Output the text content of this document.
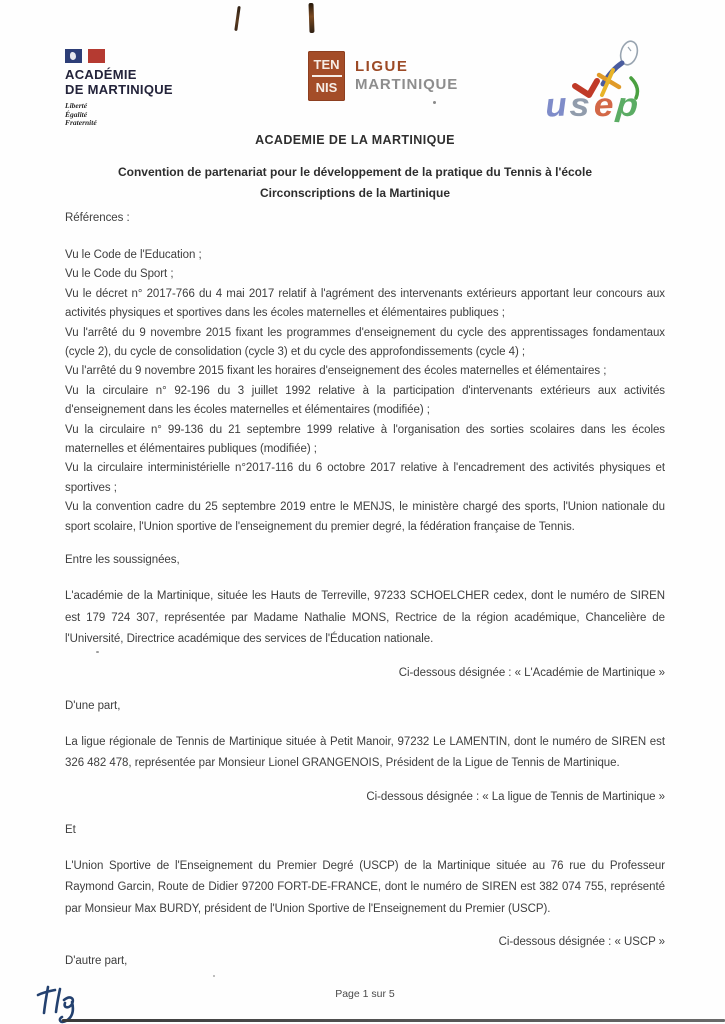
ACADÉMIE
DE MARTINIQUE
Liberté
Égalité
Fraternité
TEN
NIS
LIGUE
MARTINIQUE
usep
ACADEMIE DE LA MARTINIQUE
Convention de partenariat pour le développement de la pratique du Tennis à l'école
Circonscriptions de la Martinique

Références :

Vu le Code de l'Education ;
Vu le Code du Sport ;
Vu le décret n° 2017-766 du 4 mai 2017 relatif à l'agrément des intervenants extérieurs apportant leur concours aux activités physiques et sportives dans les écoles maternelles et élémentaires publiques ;
Vu l'arrêté du 9 novembre 2015 fixant les programmes d'enseignement du cycle des apprentissages fondamentaux (cycle 2), du cycle de consolidation (cycle 3) et du cycle des approfondissements (cycle 4) ;
Vu l'arrêté du 9 novembre 2015 fixant les horaires d'enseignement des écoles maternelles et élémentaires ;
Vu la circulaire n° 92-196 du 3 juillet 1992 relative à la participation d'intervenants extérieurs aux activités d'enseignement dans les écoles maternelles et élémentaires (modifiée) ;
Vu la circulaire n° 99-136 du 21 septembre 1999 relative à l'organisation des sorties scolaires dans les écoles maternelles et élémentaires publiques (modifiée) ;
Vu la circulaire interministérielle n°2017-116 du 6 octobre 2017 relative à l'encadrement des activités physiques et sportives ;
Vu la convention cadre du 25 septembre 2019 entre le MENJS, le ministère chargé des sports, l'Union nationale du sport scolaire, l'Union sportive de l'enseignement du premier degré, la fédération française de Tennis.

Entre les soussignées,

L'académie de la Martinique, située les Hauts de Terreville, 97233 SCHOELCHER cedex, dont le numéro de SIREN est 179 724 307, représentée par Madame Nathalie MONS, Rectrice de la région académique, Chancelière de l'Université, Directrice académique des services de l'Éducation nationale.

Ci-dessous désignée : « L'Académie de Martinique »

D'une part,

La ligue régionale de Tennis de Martinique située à Petit Manoir, 97232 Le LAMENTIN, dont le numéro de SIREN est 326 482 478, représentée par Monsieur Lionel GRANGENOIS, Président de la Ligue de Tennis de Martinique.

Ci-dessous désignée : « La ligue de Tennis de Martinique »

Et

L'Union Sportive de l'Enseignement du Premier Degré (USCP) de la Martinique située au 76 rue du Professeur Raymond Garcin, Route de Didier 97200 FORT-DE-FRANCE, dont le numéro de SIREN est 382 074 755, représenté par Monsieur Max BURDY, président de l'Union Sportive de l'Enseignement du Premier (USCP).

Ci-dessous désignée : « USCP »

D'autre part,

Page 1 sur 5
